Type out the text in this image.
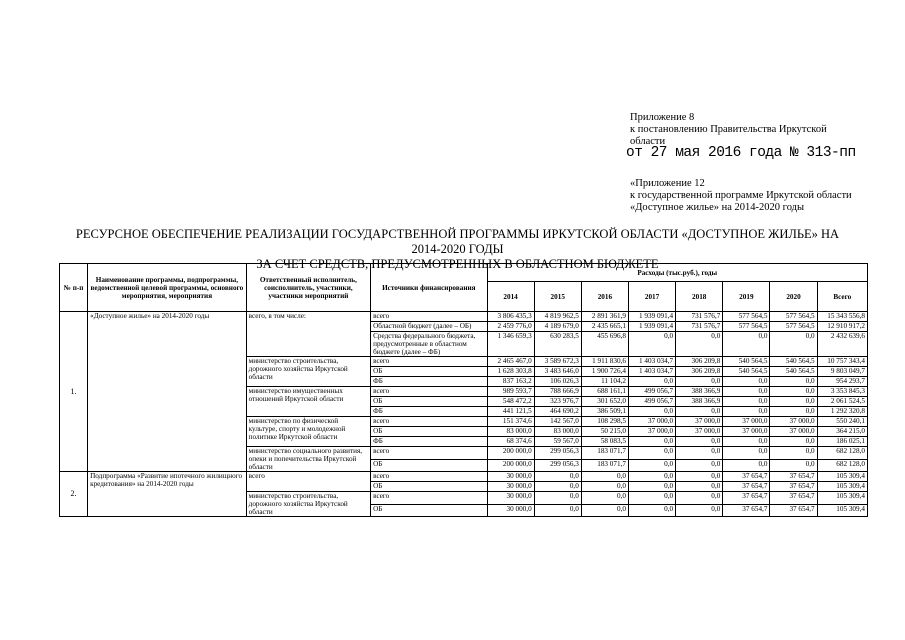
Приложение 8
к постановлению Правительства Иркутской
области
от 27 мая 2016 года № 313-пп
«Приложение 12
к государственной программе Иркутской области
«Доступное жилье» на 2014-2020 годы
РЕСУРСНОЕ ОБЕСПЕЧЕНИЕ РЕАЛИЗАЦИИ ГОСУДАРСТВЕННОЙ ПРОГРАММЫ ИРКУТСКОЙ ОБЛАСТИ «ДОСТУПНОЕ ЖИЛЬЕ» НА 2014-2020 ГОДЫ
ЗА СЧЕТ СРЕДСТВ, ПРЕДУСМОТРЕННЫХ В ОБЛАСТНОМ БЮДЖЕТЕ
№ п-п	Наименование программы, подпрограммы, ведомственной целевой программы, основного мероприятия, мероприятия	Ответственный исполнитель, соисполнитель, участники, участники мероприятий	Источники финансирования	Расходы (тыс.руб.), годы							
				2014	2015	2016	2017	2018	2019	2020	Всего
1.	«Доступное жилье» на 2014-2020 годы	всего, в том числе:	всего	3 806 435,3	4 819 962,5	2 891 361,9	1 939 091,4	731 576,7	577 564,5	577 564,5	15 343 556,8
			Областной бюджет (далее – ОБ)	2 459 776,0	4 189 679,0	2 435 665,1	1 939 091,4	731 576,7	577 564,5	577 564,5	12 910 917,2
			Средства федерального бюджета, предусмотренные в областном бюджете (далее – ФБ)	1 346 659,3	630 283,5	455 696,8	0,0	0,0	0,0	0,0	2 432 639,6
		министерство строительства, дорожного хозяйства Иркутской области	всего	2 465 467,0	3 589 672,3	1 911 830,6	1 403 034,7	306 209,8	540 564,5	540 564,5	10 757 343,4
			ОБ	1 628 303,8	3 483 646,0	1 900 726,4	1 403 034,7	306 209,8	540 564,5	540 564,5	9 803 049,7
			ФБ	837 163,2	106 026,3	11 104,2	0,0	0,0	0,0	0,0	954 293,7
		министерство имущественных отношений Иркутской области	всего	989 593,7	788 666,9	688 161,1	499 056,7	388 366,9	0,0	0,0	3 353 845,3
			ОБ	548 472,2	323 976,7	301 652,0	499 056,7	388 366,9	0,0	0,0	2 061 524,5
			ФБ	441 121,5	464 690,2	386 509,1	0,0	0,0	0,0	0,0	1 292 320,8
		министерство по физической культуре, спорту и молодежной политике Иркутской области	всего	151 374,6	142 567,0	108 298,5	37 000,0	37 000,0	37 000,0	37 000,0	550 240,1
			ОБ	83 000,0	83 000,0	50 215,0	37 000,0	37 000,0	37 000,0	37 000,0	364 215,0
			ФБ	68 374,6	59 567,0	58 083,5	0,0	0,0	0,0	0,0	186 025,1
		министерство социального развития, опеки и попечительства Иркутской области	всего	200 000,0	299 056,3	183 071,7	0,0	0,0	0,0	0,0	682 128,0
			ОБ	200 000,0	299 056,3	183 071,7	0,0	0,0	0,0	0,0	682 128,0
2.	Подпрограмма «Развитие ипотечного жилищного кредитования» на 2014-2020 годы	всего	всего	30 000,0	0,0	0,0	0,0	0,0	37 654,7	37 654,7	105 309,4
			ОБ	30 000,0	0,0	0,0	0,0	0,0	37 654,7	37 654,7	105 309,4
		министерство строительства, дорожного хозяйства Иркутской области	всего	30 000,0	0,0	0,0	0,0	0,0	37 654,7	37 654,7	105 309,4
			ОБ	30 000,0	0,0	0,0	0,0	0,0	37 654,7	37 654,7	105 309,4
